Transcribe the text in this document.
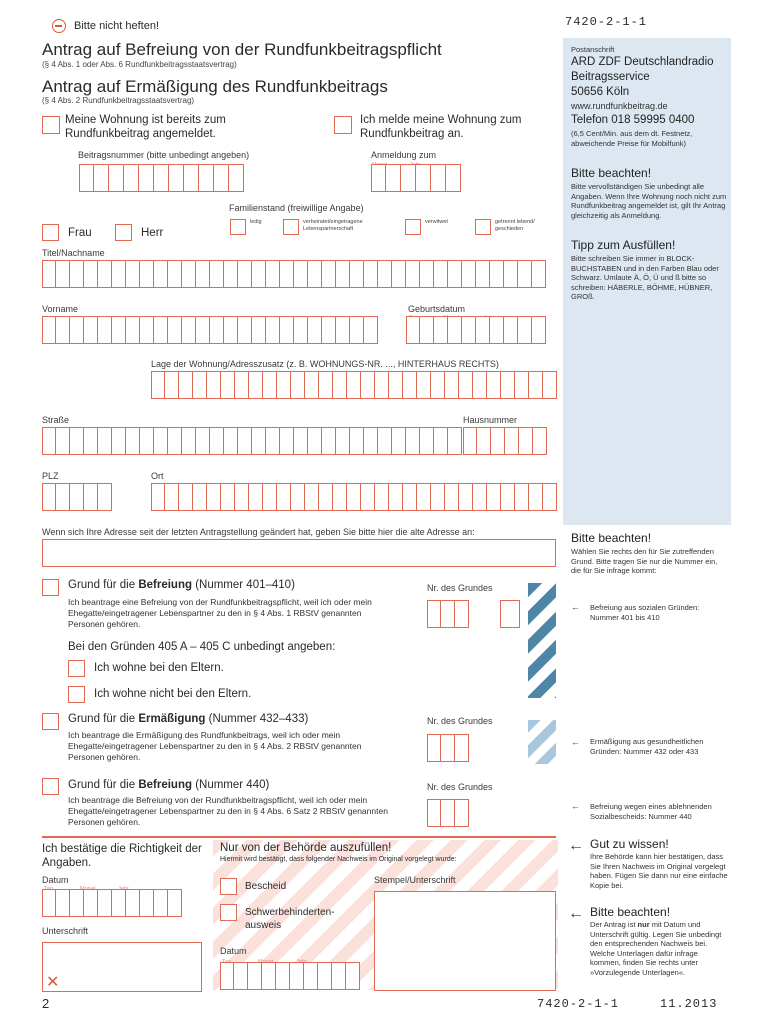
Bitte nicht heften!	7420-2-1-1
Antrag auf Befreiung von der Rundfunkbeitragspflicht
(§ 4 Abs. 1 oder Abs. 6 Rundfunkbeitragsstaatsvertrag)
Antrag auf Ermäßigung des Rundfunkbeitrags
(§ 4 Abs. 2 Rundfunkbeitragsstaatsvertrag)
Meine Wohnung ist bereits zum Rundfunkbeitrag angemeldet.
Ich melde meine Wohnung zum Rundfunkbeitrag an.
Beitragsnummer (bitte unbedingt angeben)	Anmeldung zum
Familienstand (freiwillige Angabe)
ledig	verheiratet/eingetragene Lebenspartnerschaft
verwitwet	getrennt lebend/ geschieden
Frau	Herr
Titel/Nachname
Vorname	Geburtsdatum
Lage der Wohnung/Adresszusatz (z. B. WOHNUNGS-NR. ..., HINTERHAUS RECHTS)
Straße	Hausnummer
PLZ	Ort
Wenn sich Ihre Adresse seit der letzten Antragstellung geändert hat, geben Sie bitte hier die alte Adresse an:
Grund für die Befreiung (Nummer 401–410)
Ich beantrage eine Befreiung von der Rundfunkbeitragspflicht, weil ich oder mein Ehegatte/eingetragener Lebenspartner zu den in § 4 Abs. 1 RBStV genannten Personen gehören.
Bei den Gründen 405 A – 405 C unbedingt angeben:
Ich wohne bei den Eltern.
Ich wohne nicht bei den Eltern.
Nr. des Grundes
Grund für die Ermäßigung (Nummer 432–433)
Ich beantrage die Ermäßigung des Rundfunkbeitrags, weil ich oder mein Ehegatte/eingetragener Lebenspartner zu den in § 4 Abs. 2 RBStV genannten Personen gehören.
Nr. des Grundes
Grund für die Befreiung (Nummer 440)
Ich beantrage die Befreiung von der Rundfunkbeitragspflicht, weil ich oder mein Ehegatte/eingetragener Lebenspartner zu den in § 4 Abs. 6 Satz 2 RBStV genannten Personen gehören.
Nr. des Grundes
Ich bestätige die Richtigkeit der Angaben.
Datum
Unterschrift
✕
Nur von der Behörde auszufüllen!
Hiermit wird bestätigt, dass folgender Nachweis im Original vorgelegt wurde:
Bescheid
Schwerbehinderten-ausweis
Datum
Stempel/Unterschrift
2	7420-2-1-1	11.2013
Postanschrift
ARD ZDF Deutschlandradio
Beitragsservice
50656 Köln
www.rundfunkbeitrag.de
Telefon 018 59995 0400
(6,5 Cent/Min. aus dem dt. Festnetz, abweichende Preise für Mobilfunk)
Bitte beachten!
Bitte vervollständigen Sie unbedingt alle Angaben. Wenn Ihre Wohnung noch nicht zum Rundfunkbeitrag angemeldet ist, gilt Ihr Antrag gleichzeitig als Anmeldung.
Tipp zum Ausfüllen!
Bitte schreiben Sie immer in BLOCK-BUCHSTABEN und in den Farben Blau oder Schwarz. Umlaute Ä, Ö, Ü und ß bitte so schreiben: HÄBERLE, BÖHME, HÜBNER, GROß.
Bitte beachten!
Wählen Sie rechts den für Sie zutreffenden Grund. Bitte tragen Sie nur die Nummer ein, die für Sie infrage kommt:
← Befreiung aus sozialen Gründen: Nummer 401 bis 410
← Ermäßigung aus gesundheitlichen Gründen: Nummer 432 oder 433
← Befreiung wegen eines ablehnenden Sozialbescheids: Nummer 440
← Gut zu wissen!
Ihre Behörde kann hier bestätigen, dass Sie Ihren Nachweis im Original vorgelegt haben. Fügen Sie dann nur eine einfache Kopie bei.
← Bitte beachten!
Der Antrag ist nur mit Datum und Unterschrift gültig. Legen Sie unbedingt den entsprechenden Nachweis bei. Welche Unterlagen dafür infrage kommen, finden Sie rechts unter »Vorzulegende Unterlagen«.
